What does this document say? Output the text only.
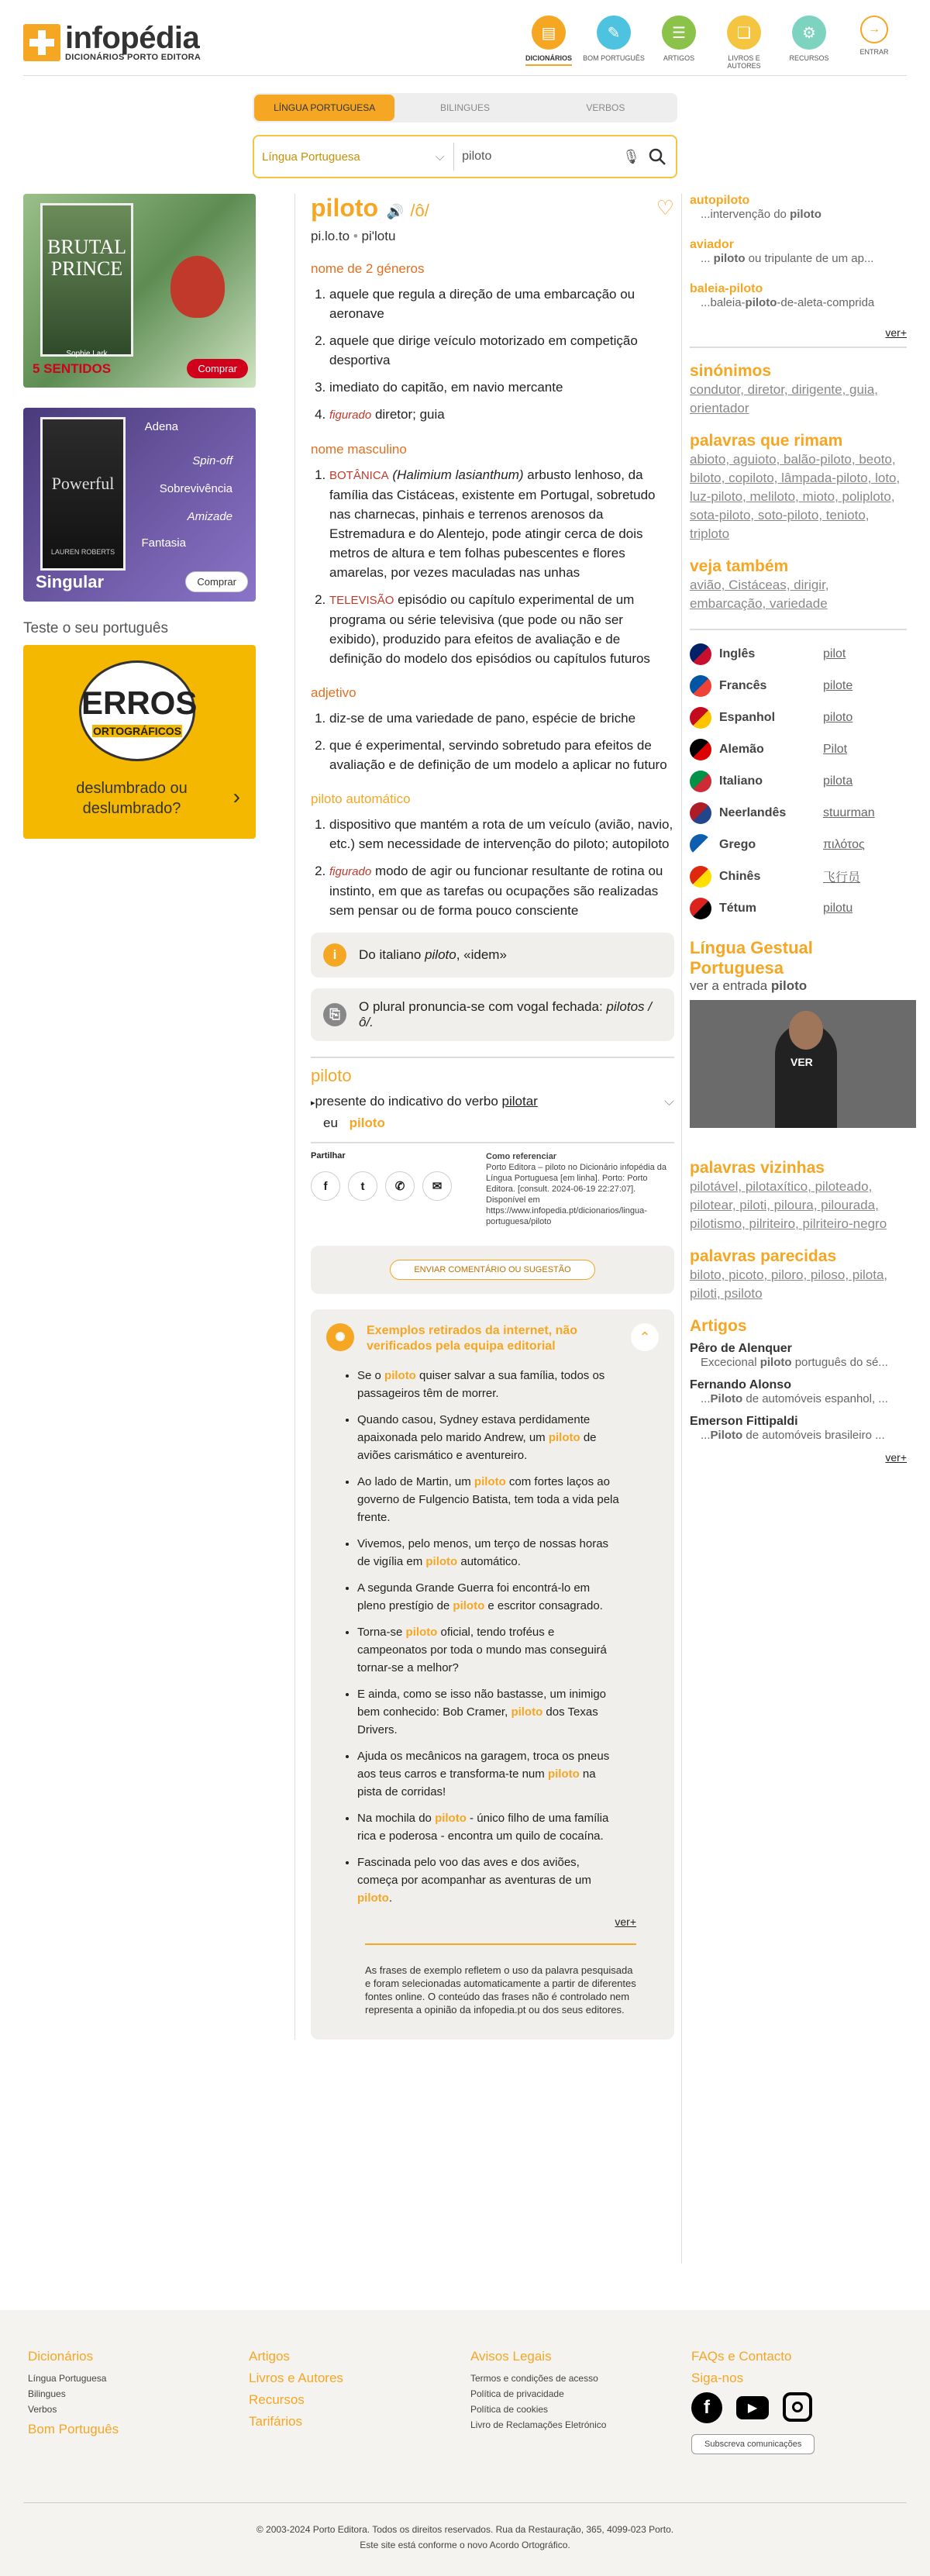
infopédia
DICIONÁRIOS PORTO EDITORA
▤
DICIONÁRIOS
✎
BOM PORTUGUÊS
☰
ARTIGOS
❏
LIVROS E AUTORES
⚙
RECURSOS
→
ENTRAR
LÍNGUA PORTUGUESA	BILINGUES	VERBOS
Língua Portuguesa	⌵
piloto	🎙
BRUTAL PRINCE
Sophie Lark
5 SENTIDOS	Comprar
Powerful
LAUREN ROBERTS
Adena
Spin-off
Sobrevivência
Amizade
Fantasia
Singular	Comprar
Teste o seu português
ERROS
ORTOGRÁFICOS
deslumbrado ou deslumbrado?	›
piloto 🔊 /ô/	♡
pi.lo.to • pi'lotu
nome de 2 géneros
1. aquele que regula a direção de uma embarcação ou aeronave
2. aquele que dirige veículo motorizado em competição desportiva
3. imediato do capitão, em navio mercante
4. figurado diretor; guia
nome masculino
1. BOTÂNICA (Halimium lasianthum) arbusto lenhoso, da família das Cistáceas, existente em Portugal, sobretudo nas charnecas, pinhais e terrenos arenosos da Estremadura e do Alentejo, pode atingir cerca de dois metros de altura e tem folhas pubescentes e flores amarelas, por vezes maculadas nas unhas
2. TELEVISÃO episódio ou capítulo experimental de um programa ou série televisiva (que pode ou não ser exibido), produzido para efeitos de avaliação e de definição do modelo dos episódios ou capítulos futuros
adjetivo
1. diz-se de uma variedade de pano, espécie de briche
2. que é experimental, servindo sobretudo para efeitos de avaliação e de definição de um modelo a aplicar no futuro
piloto automático
1. dispositivo que mantém a rota de um veículo (avião, navio, etc.) sem necessidade de intervenção do piloto; autopiloto
2. figurado modo de agir ou funcionar resultante de rotina ou instinto, em que as tarefas ou ocupações são realizadas sem pensar ou de forma pouco consciente
i	Do italiano piloto, «idem»
⎘
O plural pronuncia-se com vogal fechada: pilotos /ô/.
piloto
▸presente do indicativo do verbo pilotar	⌵
eu piloto
Partilhar
f	t	✆	✉
Como referenciar
Porto Editora – piloto no Dicionário infopédia da Língua Portuguesa [em linha]. Porto: Porto Editora. [consult. 2024-06-19 22:27:07]. Disponível em https://www.infopedia.pt/dicionarios/lingua-portuguesa/piloto
ENVIAR COMENTÁRIO OU SUGESTÃO
✺
Exemplos retirados da internet, não verificados pela equipa editorial
⌃
• Se o piloto quiser salvar a sua família, todos os passageiros têm de morrer.
• Quando casou, Sydney estava perdidamente apaixonada pelo marido Andrew, um piloto de aviões carismático e aventureiro.
• Ao lado de Martin, um piloto com fortes laços ao governo de Fulgencio Batista, tem toda a vida pela frente.
• Vivemos, pelo menos, um terço de nossas horas de vigília em piloto automático.
• A segunda Grande Guerra foi encontrá-lo em pleno prestígio de piloto e escritor consagrado.
• Torna-se piloto oficial, tendo troféus e campeonatos por toda o mundo mas conseguirá tornar-se a melhor?
• E ainda, como se isso não bastasse, um inimigo bem conhecido: Bob Cramer, piloto dos Texas Drivers.
• Ajuda os mecânicos na garagem, troca os pneus aos teus carros e transforma-te num piloto na pista de corridas!
• Na mochila do piloto - único filho de uma família rica e poderosa - encontra um quilo de cocaína.
• Fascinada pelo voo das aves e dos aviões, começa por acompanhar as aventuras de um piloto.
ver+
As frases de exemplo refletem o uso da palavra pesquisada e foram selecionadas automaticamente a partir de diferentes fontes online. O conteúdo das frases não é controlado nem representa a opinião da infopedia.pt ou dos seus editores.
autopiloto
...intervenção do piloto
aviador
... piloto ou tripulante de um ap...
baleia-piloto
...baleia-piloto-de-aleta-comprida
ver+
sinónimos
condutor, diretor, dirigente, guia, orientador
palavras que rimam
abioto, aguioto, balão-piloto, beoto, biloto, copiloto, lâmpada-piloto, loto, luz-piloto, meliloto, mioto, poliploto, sota-piloto, soto-piloto, tenioto, triploto
veja também
avião, Cistáceas, dirigir, embarcação, variedade
Inglês	pilot
Francês	pilote
Espanhol	piloto
Alemão	Pilot
Italiano	pilota
Neerlandês	stuurman
Grego	πιλότος
Chinês	飞行员
Tétum	pilotu
Língua Gestual Portuguesa
ver a entrada piloto
VER
palavras vizinhas
pilotável, pilotaxítico, piloteado, pilotear, piloti, piloura, pilourada, pilotismo, pilriteiro, pilriteiro-negro
palavras parecidas
biloto, picoto, piloro, piloso, pilota, piloti, psiloto
Artigos
Pêro de Alenquer
Excecional piloto português do sé...
Fernando Alonso
...Piloto de automóveis espanhol, ...
Emerson Fittipaldi
...Piloto de automóveis brasileiro ...
ver+
Dicionários
Língua Portuguesa
Bilingues
Verbos
Bom Português
Artigos
Livros e Autores
Recursos
Tarifários
Avisos Legais
Termos e condições de acesso
Política de privacidade
Política de cookies
Livro de Reclamações Eletrónico
FAQs e Contacto
Siga-nos
f	▶
Subscreva comunicações
© 2003-2024 Porto Editora. Todos os direitos reservados. Rua da Restauração, 365, 4099-023 Porto.
Este site está conforme o novo Acordo Ortográfico.
